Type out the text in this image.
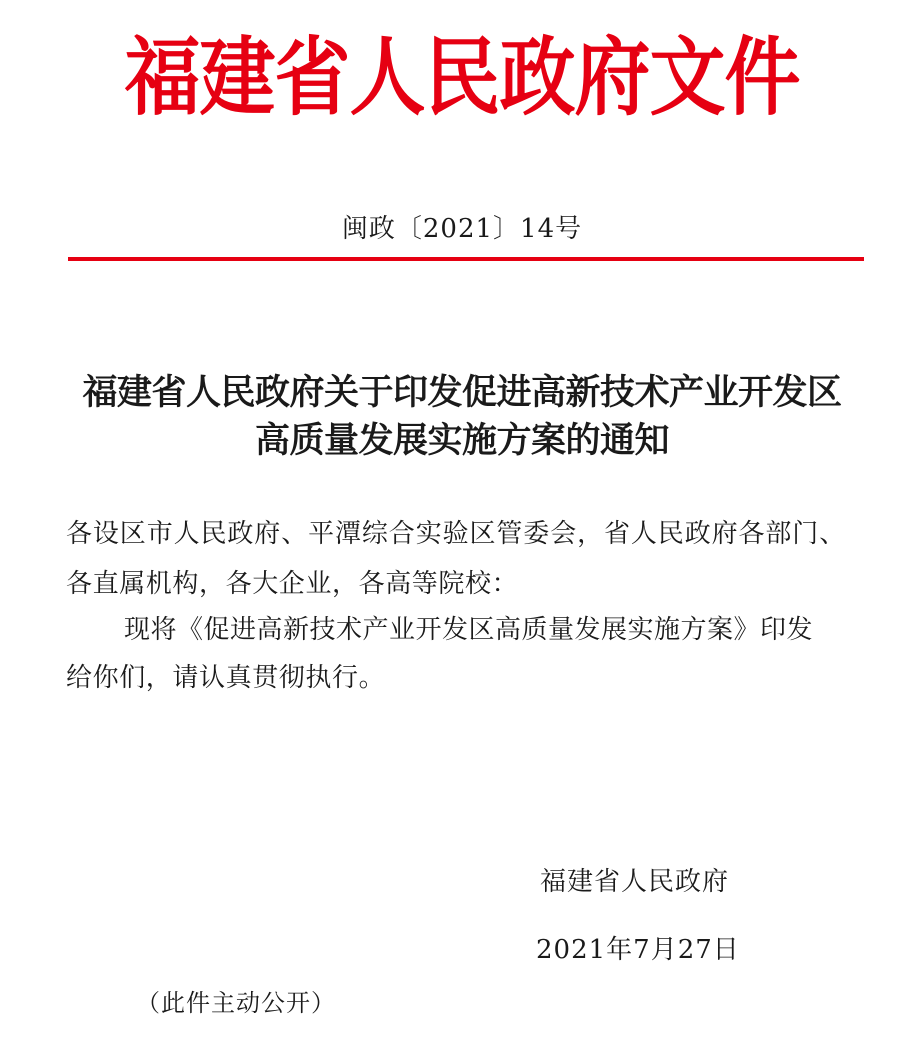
福建省人民政府文件
闽政〔2021〕14号
福建省人民政府关于印发促进高新技术产业开发区
高质量发展实施方案的通知
各设区市人民政府、平潭综合实验区管委会，省人民政府各部门、
各直属机构，各大企业，各高等院校：
现将《促进高新技术产业开发区高质量发展实施方案》印发
给你们，请认真贯彻执行。
福建省人民政府
2021年7月27日
（此件主动公开）
